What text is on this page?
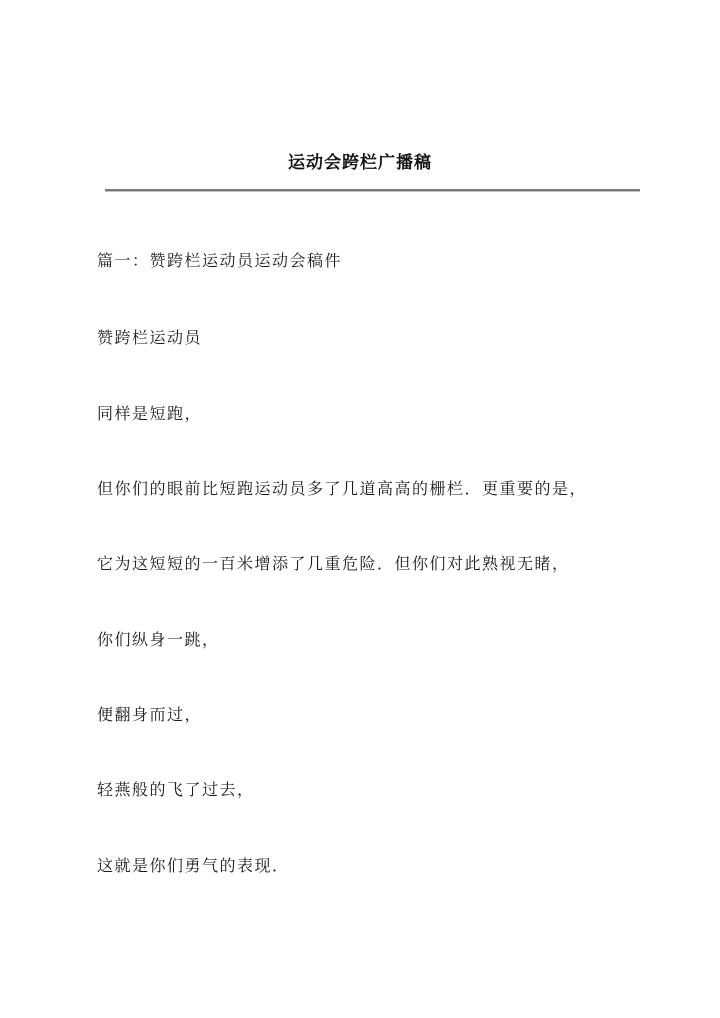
运动会跨栏广播稿
篇一：赞跨栏运动员运动会稿件
赞跨栏运动员
同样是短跑，
但你们的眼前比短跑运动员多了几道高高的栅栏．更重要的是，
它为这短短的一百米增添了几重危险．但你们对此熟视无睹，
你们纵身一跳，
便翻身而过，
轻燕般的飞了过去，
这就是你们勇气的表现．
